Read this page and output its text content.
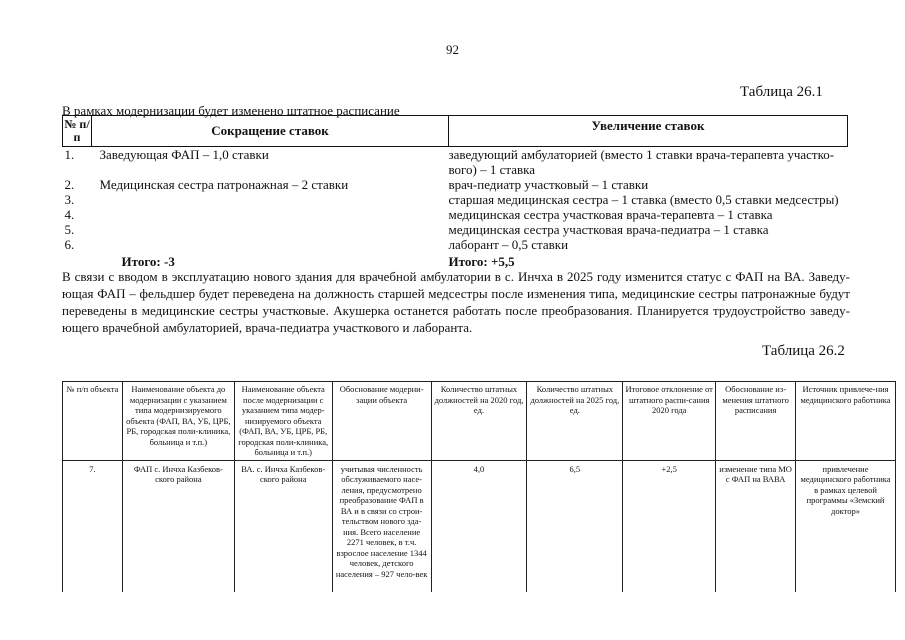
92
Таблица 26.1
В рамках модернизации будет изменено штатное расписание
№ п/п	Сокращение ставок	Увеличение ставок
1.	Заведующая ФАП – 1,0 ставки	заведующий амбулаторией (вместо 1 ставки врача-терапевта участко-вого) – 1 ставка
2.	Медицинская сестра патронажная – 2 ставки	врач-педиатр участковый – 1 ставки
3.		старшая медицинская сестра – 1 ставка (вместо 0,5 ставки медсестры)
4.		медицинская сестра участковая врача-терапевта – 1 ставка
5.		медицинская сестра участковая врача-педиатра – 1 ставка
6.		лаборант – 0,5 ставки
	Итого: -3	Итого: +5,5
В связи с вводом в эксплуатацию нового здания для врачебной амбулатории в с. Инчха в 2025 году изменится статус с ФАП на ВА. Заведу-ющая ФАП – фельдшер будет переведена на должность старшей медсестры после изменения типа, медицинские сестры патронажные будут переведены в медицинские сестры участковые. Акушерка останется работать после преобразования. Планируется трудоустройство заведу-ющего врачебной амбулаторией, врача-педиатра участкового и лаборанта.
Таблица 26.2
№ п/п объекта	Наименование объекта до модернизации с указанием типа модернизируемого объекта (ФАП, ВА, УБ, ЦРБ, РБ, городская поли-клиника, больница и т.п.)	Наименование объекта после модернизации с указанием типа модер-низируемого объекта (ФАП, ВА, УБ, ЦРБ, РБ, городская поли-клиника, больница и т.п.)	Обоснование модерни-зации объекта	Количество штатных должностей на 2020 год, ед.	Количество штатных должностей на 2025 год, ед.	Итоговое отклонение от штатного распи-сания 2020 года	Обоснование из-менения штатного расписания	Источник привлече-ния медицинского работника
7.	ФАП с. Инчха Казбеков-ского района	ВА. с. Инчха Казбеков-ского района	учитывая численность обслуживаемого насе-ления, предусмотрено преобразование ФАП в ВА и в связи со строи-тельством нового зда-ния. Всего население 2271 человек, в т.ч. взрослое население 1344 человек, детского населения – 927 чело-век	4,0	6,5	+2,5	изменение типа МО с ФАП на ВАВА	привлечение медицинского работника в рамках целевой программы «Земский доктор»
